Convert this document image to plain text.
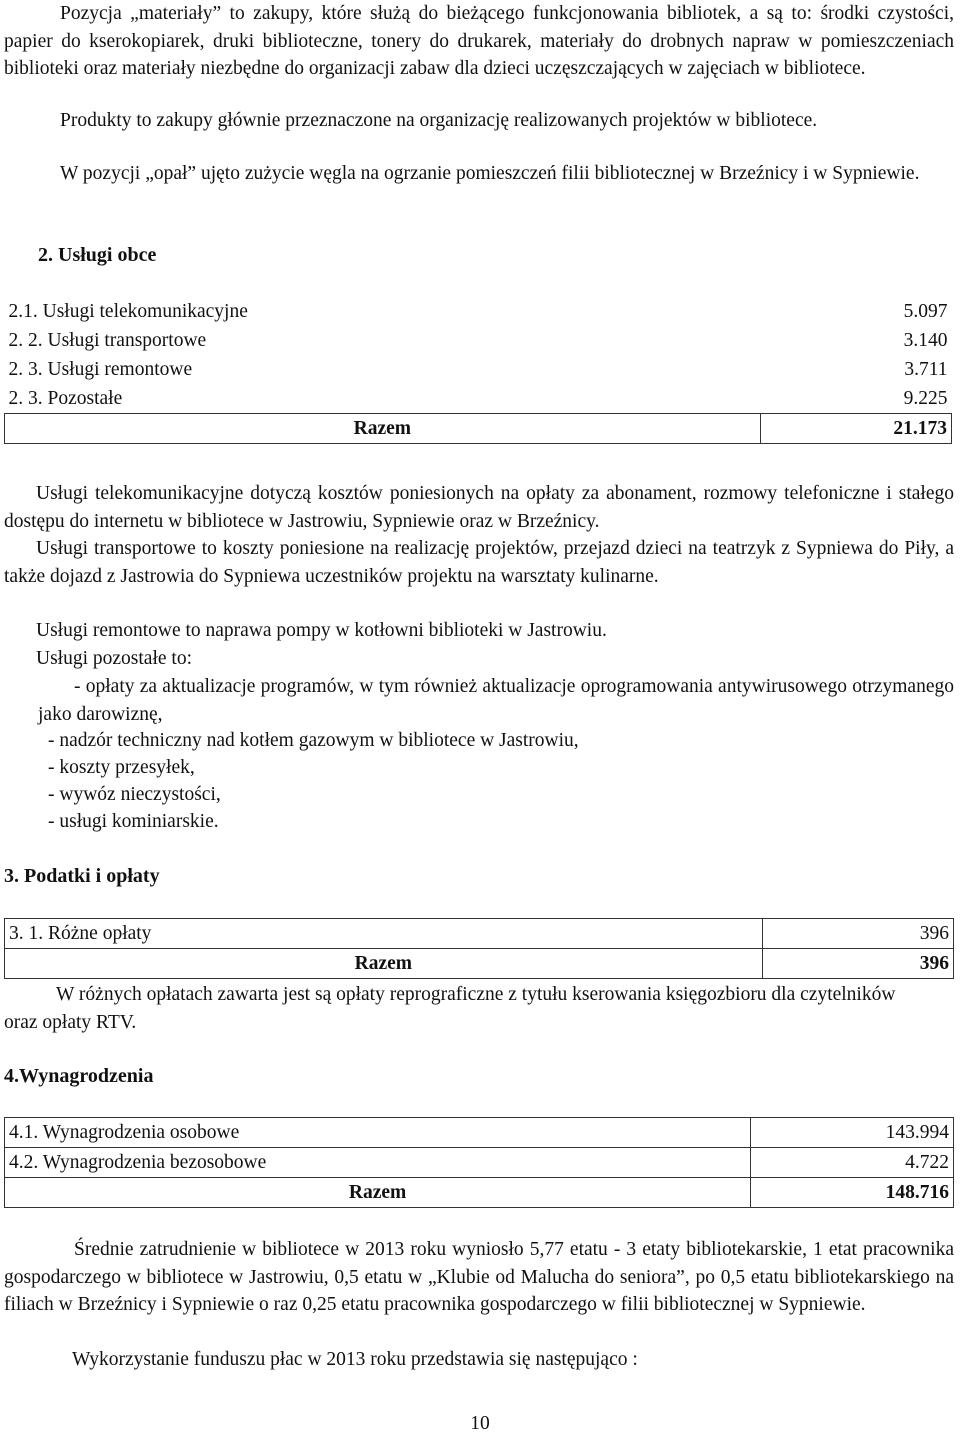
Pozycja „materiały” to zakupy, które służą do bieżącego funkcjonowania bibliotek, a są to: środki czystości, papier do kserokopiarek, druki biblioteczne, tonery do drukarek, materiały do drobnych napraw w pomieszczeniach biblioteki oraz materiały niezbędne do organizacji zabaw dla dzieci uczęszczających w zajęciach w bibliotece.

Produkty to zakupy głównie przeznaczone na organizację realizowanych projektów w bibliotece.

W pozycji „opał” ujęto zużycie węgla na ogrzanie pomieszczeń filii bibliotecznej w Brzeźnicy i w Sypniewie.

2. Usługi obce

2.1. Usługi telekomunikacyjne	5.097
2. 2. Usługi transportowe	3.140
2. 3. Usługi remontowe	3.711
2. 3. Pozostałe	9.225
Razem	21.173

Usługi telekomunikacyjne dotyczą kosztów poniesionych na opłaty za abonament, rozmowy telefoniczne i stałego dostępu do internetu w bibliotece w Jastrowiu, Sypniewie oraz w Brzeźnicy.

Usługi transportowe to koszty poniesione na realizację projektów, przejazd dzieci na teatrzyk z Sypniewa do Piły, a także dojazd z Jastrowia do Sypniewa uczestników projektu na warsztaty kulinarne.

Usługi remontowe to naprawa pompy w kotłowni biblioteki w Jastrowiu.

Usługi pozostałe to:

- opłaty za aktualizacje programów, w tym również aktualizacje oprogramowania antywirusowego otrzymanego jako darowiznę,

- nadzór techniczny nad kotłem gazowym w bibliotece w Jastrowiu,

- koszty przesyłek,

- wywóz nieczystości,

- usługi kominiarskie.

3. Podatki i opłaty

3. 1. Różne opłaty	396
Razem	396

W różnych opłatach zawarta jest są opłaty reprograficzne z tytułu kserowania księgozbioru dla czytelników oraz opłaty RTV.

4.Wynagrodzenia

4.1. Wynagrodzenia osobowe	143.994
4.2. Wynagrodzenia bezosobowe	4.722
Razem	148.716

Średnie zatrudnienie w bibliotece w 2013 roku wyniosło 5,77 etatu - 3 etaty bibliotekarskie, 1 etat pracownika gospodarczego w bibliotece w Jastrowiu, 0,5 etatu w „Klubie od Malucha do seniora”, po 0,5 etatu bibliotekarskiego na filiach w Brzeźnicy i Sypniewie o raz 0,25 etatu pracownika gospodarczego w filii bibliotecznej w Sypniewie.

Wykorzystanie funduszu płac w 2013 roku przedstawia się następująco :

10
